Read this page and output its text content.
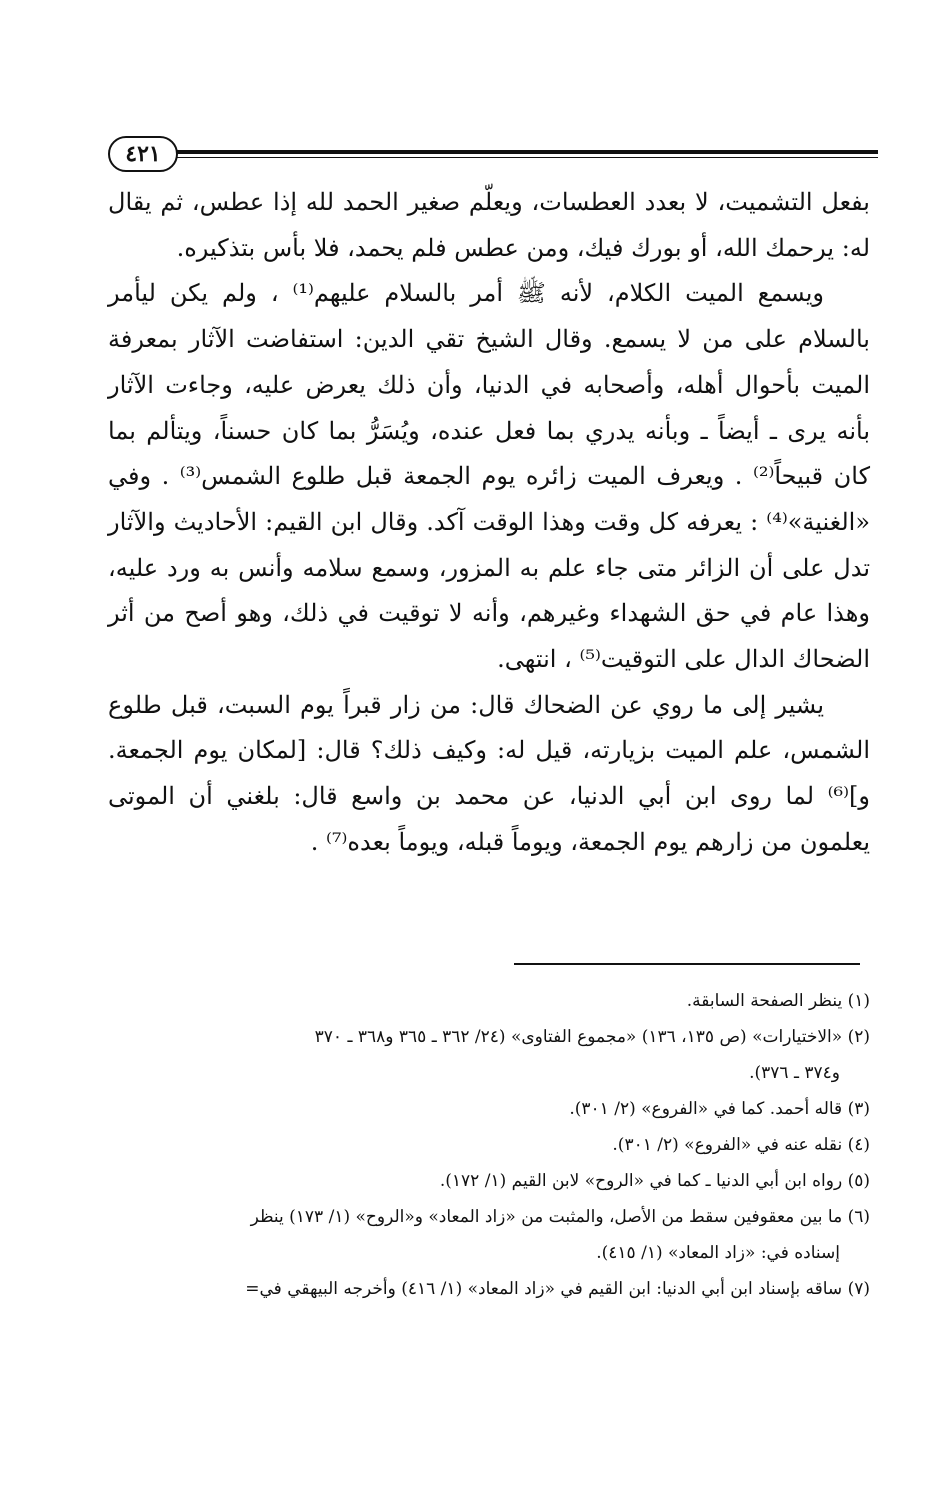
٤٢١

بفعل التشميت، لا بعدد العطسات، ويعلّم صغير الحمد لله إذا عطس، ثم يقال له: يرحمك الله، أو بورك فيك، ومن عطس فلم يحمد، فلا بأس بتذكيره.

ويسمع الميت الكلام، لأنه ﷺ أمر بالسلام عليهم⁽¹⁾ ، ولم يكن ليأمر بالسلام على من لا يسمع. وقال الشيخ تقي الدين: استفاضت الآثار بمعرفة الميت بأحوال أهله، وأصحابه في الدنيا، وأن ذلك يعرض عليه، وجاءت الآثار بأنه يرى ـ أيضاً ـ وبأنه يدري بما فعل عنده، ويُسَرُّ بما كان حسناً، ويتألم بما كان قبيحاً⁽²⁾ . ويعرف الميت زائره يوم الجمعة قبل طلوع الشمس⁽³⁾ . وفي «الغنية»⁽⁴⁾ : يعرفه كل وقت وهذا الوقت آكد. وقال ابن القيم: الأحاديث والآثار تدل على أن الزائر متى جاء علم به المزور، وسمع سلامه وأنس به ورد عليه، وهذا عام في حق الشهداء وغيرهم، وأنه لا توقيت في ذلك، وهو أصح من أثر الضحاك الدال على التوقيت⁽⁵⁾ ، انتهى.

يشير إلى ما روي عن الضحاك قال: من زار قبراً يوم السبت، قبل طلوع الشمس، علم الميت بزيارته، قيل له: وكيف ذلك؟ قال: [لمكان يوم الجمعة. و]⁽⁶⁾ لما روى ابن أبي الدنيا، عن محمد بن واسع قال: بلغني أن الموتى يعلمون من زارهم يوم الجمعة، ويوماً قبله، ويوماً بعده⁽⁷⁾ .

(١) ينظر الصفحة السابقة.

(٢) «الاختيارات» (ص ١٣٥، ١٣٦) «مجموع الفتاوى» (٢٤/ ٣٦٢ ـ ٣٦٥ و٣٦٨ ـ ٣٧٠

و٣٧٤ ـ ٣٧٦).

(٣) قاله أحمد. كما في «الفروع» (٢/ ٣٠١).

(٤) نقله عنه في «الفروع» (٢/ ٣٠١).

(٥) رواه ابن أبي الدنيا ـ كما في «الروح» لابن القيم (١/ ١٧٢).

(٦) ما بين معقوفين سقط من الأصل، والمثبت من «زاد المعاد» و«الروح» (١/ ١٧٣) ينظر

إسناده في: «زاد المعاد» (١/ ٤١٥).

(٧) ساقه بإسناد ابن أبي الدنيا: ابن القيم في «زاد المعاد» (١/ ٤١٦) وأخرجه البيهقي في=
